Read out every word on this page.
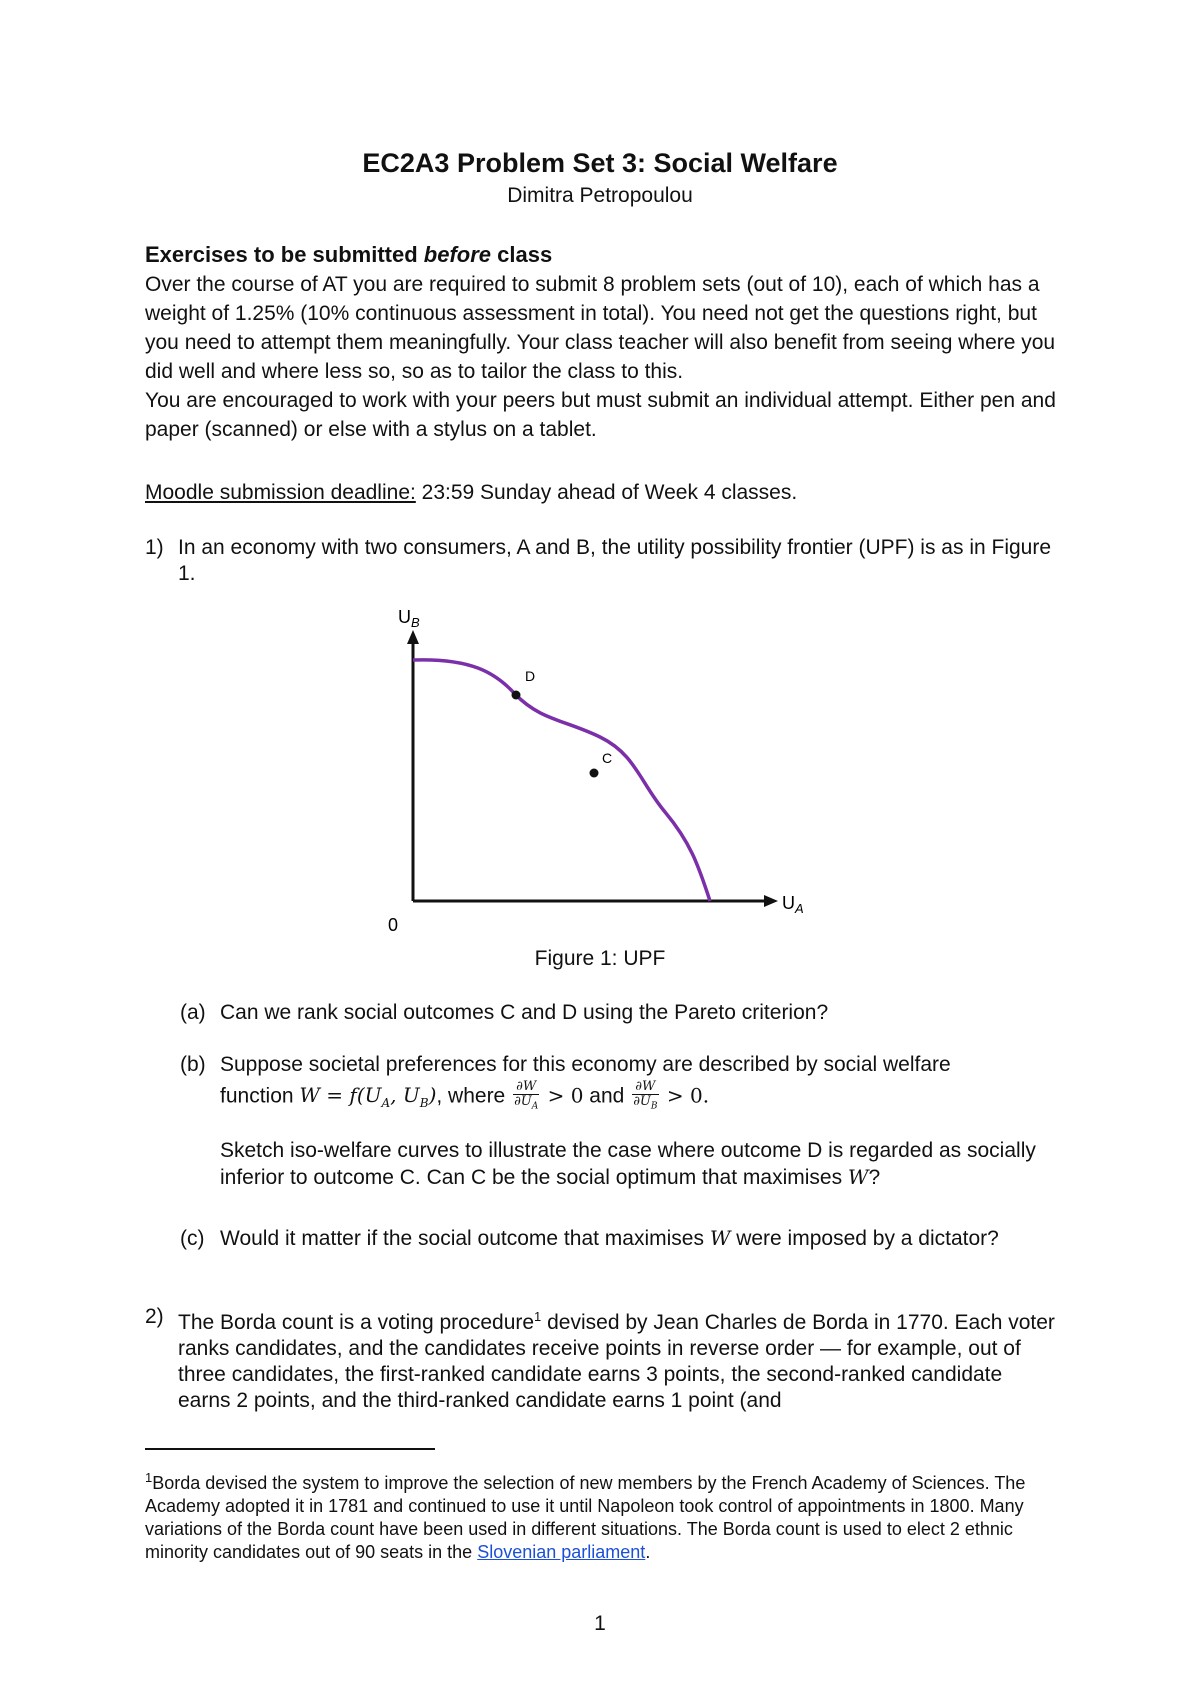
EC2A3 Problem Set 3: Social Welfare
Dimitra Petropoulou
Exercises to be submitted before class

Over the course of AT you are required to submit 8 problem sets (out of 10), each of which has a weight of 1.25% (10% continuous assessment in total). You need not get the questions right, but you need to attempt them meaningfully. Your class teacher will also benefit from seeing where you did well and where less so, so as to tailor the class to this.

You are encouraged to work with your peers but must submit an individual attempt. Either pen and paper (scanned) or else with a stylus on a tablet.

Moodle submission deadline: 23:59 Sunday ahead of Week 4 classes.
1) In an economy with two consumers, A and B, the utility possibility frontier (UPF) is as in Figure 1.
D
C
$U_B$
$U_A$
0
Figure 1: UPF
(a) Can we rank social outcomes C and D using the Pareto criterion?
(b) Suppose societal preferences for this economy are described by social welfare
function $W = f(U_A$, $U_B$), where $\frac{\partial W}{\partial U_A} > 0$ and $\frac{\partial W}{\partial U_B} > 0$.
Sketch iso-welfare curves to illustrate the case where outcome D is regarded as socially inferior to outcome C. Can C be the social optimum that maximises W?
(c) Would it matter if the social outcome that maximises W were imposed by a dictator?
2) The Borda count is a voting procedure$^1$ devised by Jean Charles de Borda in 1770. Each voter ranks candidates, and the candidates receive points in reverse order — for example, out of three candidates, the first-ranked candidate earns 3 points, the second-ranked candidate earns 2 points, and the third-ranked candidate earns 1 point (and
$^1$Borda devised the system to improve the selection of new members by the French Academy of Sciences. The Academy adopted it in 1781 and continued to use it until Napoleon took control of appointments in 1800. Many variations of the Borda count have been used in different situations. The Borda count is used to elect 2 ethnic minority candidates out of 90 seats in the Slovenian parliament.
1
